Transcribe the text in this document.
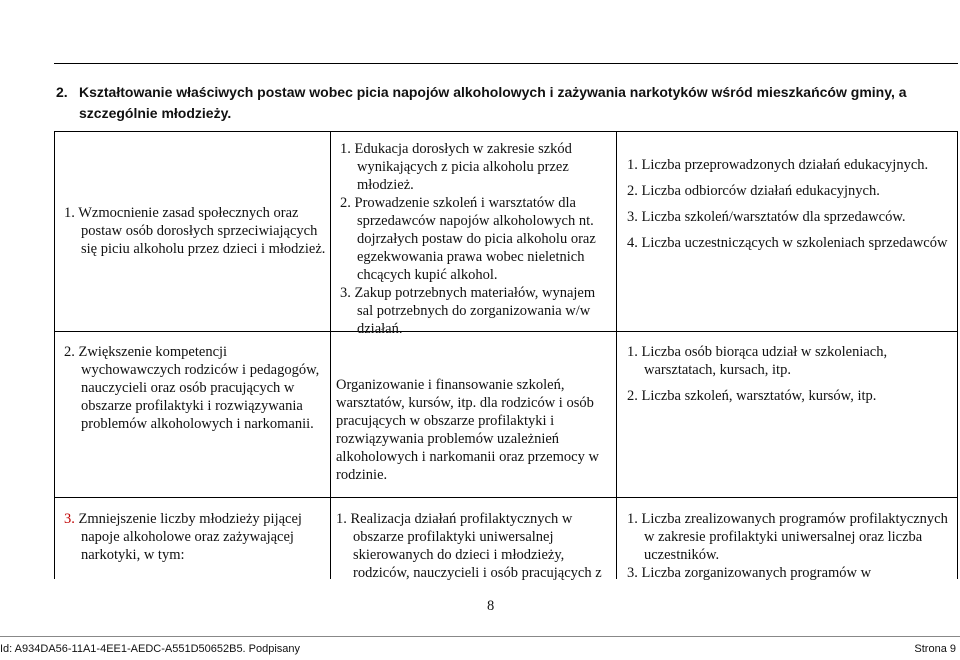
2. Kształtowanie właściwych postaw wobec picia napojów alkoholowych i zażywania narkotyków wśród mieszkańców gminy, a szczególnie młodzieży.

1. Wzmocnienie zasad społecznych oraz postaw osób dorosłych sprzeciwiających się piciu alkoholu przez dzieci i młodzież.

1. Edukacja dorosłych w zakresie szkód wynikających z picia alkoholu przez młodzież.

2. Prowadzenie szkoleń i warsztatów dla sprzedawców napojów alkoholowych nt. dojrzałych postaw do picia alkoholu oraz egzekwowania prawa wobec nieletnich chcących kupić alkohol.

3. Zakup potrzebnych materiałów, wynajem sal potrzebnych do zorganizowania w/w działań.

1. Liczba przeprowadzonych działań edukacyjnych.

2. Liczba odbiorców działań edukacyjnych.

3. Liczba szkoleń/warsztatów dla sprzedawców.

4. Liczba uczestniczących w szkoleniach sprzedawców

2. Zwiększenie kompetencji wychowawczych rodziców i pedagogów, nauczycieli oraz osób pracujących w obszarze profilaktyki i rozwiązywania problemów alkoholowych i narkomanii.

Organizowanie i finansowanie szkoleń, warsztatów, kursów, itp. dla rodziców i osób pracujących w obszarze profilaktyki i rozwiązywania problemów uzależnień alkoholowych i narkomanii oraz przemocy w rodzinie.

1. Liczba osób biorąca udział w szkoleniach, warsztatach, kursach, itp.

2. Liczba szkoleń, warsztatów, kursów, itp.

3. Zmniejszenie liczby młodzieży pijącej napoje alkoholowe oraz zażywającej narkotyki, w tym:

1. Realizacja działań profilaktycznych w obszarze profilaktyki uniwersalnej skierowanych do dzieci i młodzieży, rodziców, nauczycieli i osób pracujących z

1. Liczba zrealizowanych programów profilaktycznych w zakresie profilaktyki uniwersalnej oraz liczba uczestników.

3. Liczba zorganizowanych programów w

8
Id: A934DA56-11A1-4EE1-AEDC-A551D50652B5. Podpisany	Strona 9
